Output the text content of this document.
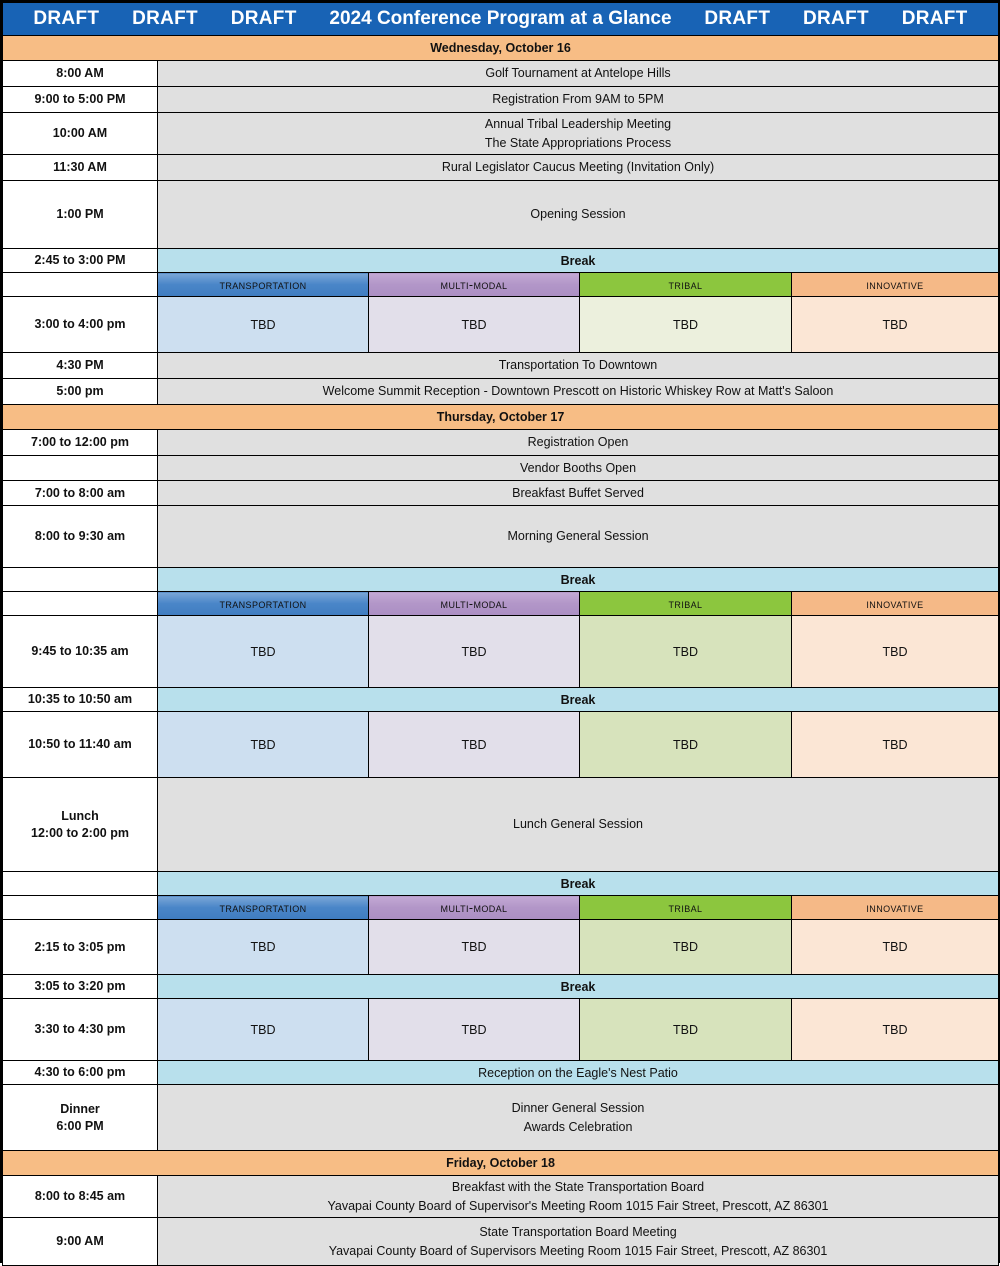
DRAFT DRAFT DRAFT 2024 Conference Program at a Glance DRAFT DRAFT DRAFT

Wednesday, October 16				
8:00 AM	Golf Tournament at Antelope Hills			
9:00 to 5:00 PM	Registration From 9AM to 5PM			
10:00 AM	Annual Tribal Leadership Meeting
The State Appropriations Process			
11:30 AM	Rural Legislator Caucus Meeting (Invitation Only)			
1:00 PM	Opening Session			
2:45 to 3:00 PM	Break			
	transportation	multi-modal	tribal	innovative
3:00 to 4:00 pm	TBD	TBD	TBD	TBD
4:30 PM	Transportation To Downtown			
5:00 pm	Welcome Summit Reception - Downtown Prescott on Historic Whiskey Row at Matt's Saloon			
Thursday, October 17				
7:00 to 12:00 pm	Registration Open			
	Vendor Booths Open			
7:00 to 8:00 am	Breakfast Buffet Served			
8:00 to 9:30 am	Morning General Session			
	Break			
	transportation	multi-modal	tribal	innovative
9:45 to 10:35 am	TBD	TBD	TBD	TBD
10:35 to 10:50 am	Break			
10:50 to 11:40 am	TBD	TBD	TBD	TBD
Lunch
12:00 to 2:00 pm	Lunch General Session			
	Break			
	transportation	multi-modal	tribal	innovative
2:15 to 3:05 pm	TBD	TBD	TBD	TBD
3:05 to 3:20 pm	Break			
3:30 to 4:30 pm	TBD	TBD	TBD	TBD
4:30 to 6:00 pm	Reception on the Eagle's Nest Patio			
Dinner
6:00 PM	Dinner General Session
Awards Celebration			
Friday, October 18				
8:00 to 8:45 am	Breakfast with the State Transportation Board
Yavapai County Board of Supervisor's Meeting Room 1015 Fair Street, Prescott, AZ 86301			
9:00 AM	State Transportation Board Meeting
Yavapai County Board of Supervisors Meeting Room 1015 Fair Street, Prescott, AZ 86301			
